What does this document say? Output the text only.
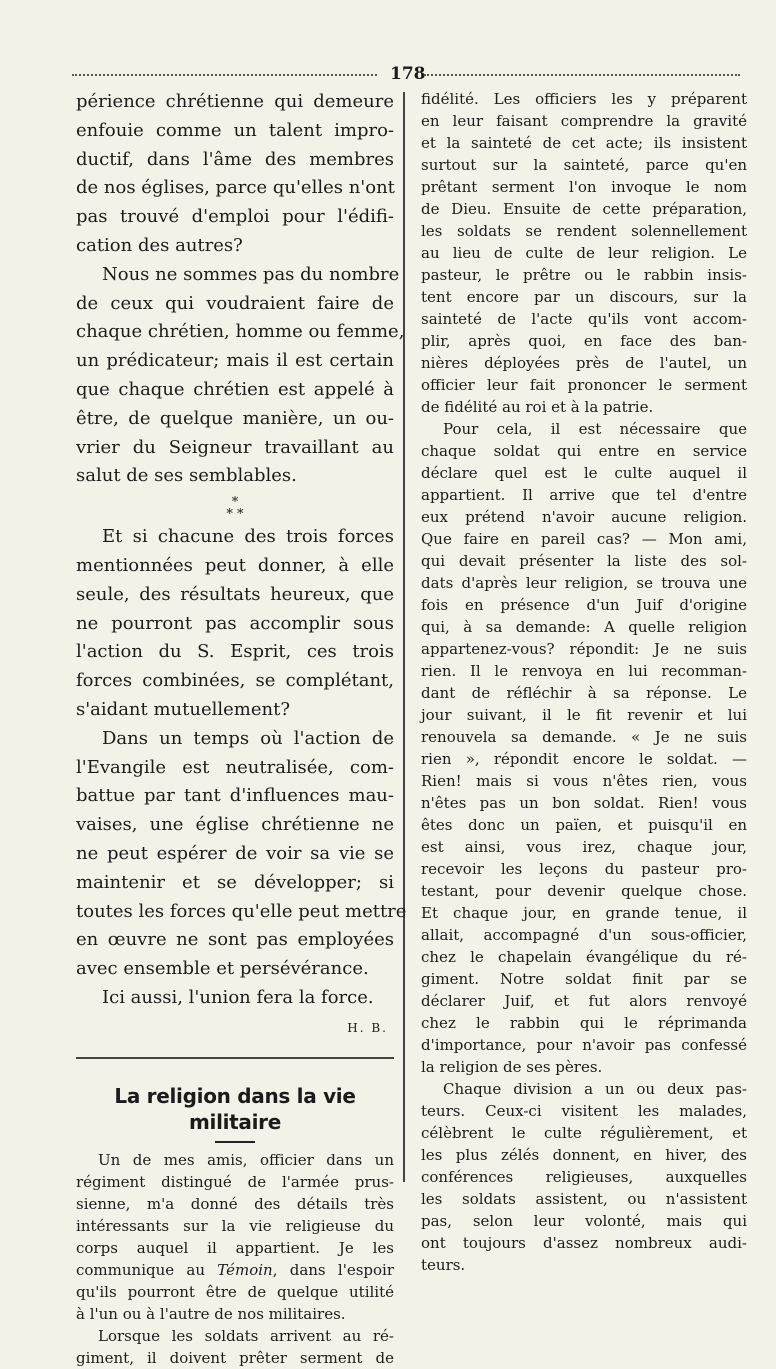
178
périence chrétienne qui demeure
enfouie comme un talent impro-
ductif, dans l'âme des membres
de nos églises, parce qu'elles n'ont
pas trouvé d'emploi pour l'édifi-
cation des autres?
Nous ne sommes pas du nombre
de ceux qui voudraient faire de
chaque chrétien, homme ou femme,
un prédicateur; mais il est certain
que chaque chrétien est appelé à
être, de quelque manière, un ou-
vrier du Seigneur travaillant au
salut de ses semblables.
*
* *
Et si chacune des trois forces
mentionnées peut donner, à elle
seule, des résultats heureux, que
ne pourront pas accomplir sous
l'action du S. Esprit, ces trois
forces combinées, se complétant,
s'aidant mutuellement?
Dans un temps où l'action de
l'Evangile est neutralisée, com-
battue par tant d'influences mau-
vaises, une église chrétienne ne
ne peut espérer de voir sa vie se
maintenir et se développer; si
toutes les forces qu'elle peut mettre
en œuvre ne sont pas employées
avec ensemble et persévérance.
Ici aussi, l'union fera la force.
H. B.
La religion dans la vie militaire
Un de mes amis, officier dans un
régiment distingué de l'armée prus-
sienne, m'a donné des détails très
intéressants sur la vie religieuse du
corps auquel il appartient. Je les
communique au Témoin, dans l'espoir
qu'ils pourront être de quelque utilité
à l'un ou à l'autre de nos militaires.
Lorsque les soldats arrivent au ré-
giment, il doivent prêter serment de
fidélité. Les officiers les y préparent
en leur faisant comprendre la gravité
et la sainteté de cet acte; ils insistent
surtout sur la sainteté, parce qu'en
prêtant serment l'on invoque le nom
de Dieu. Ensuite de cette préparation,
les soldats se rendent solennellement
au lieu de culte de leur religion. Le
pasteur, le prêtre ou le rabbin insis-
tent encore par un discours, sur la
sainteté de l'acte qu'ils vont accom-
plir, après quoi, en face des ban-
nières déployées près de l'autel, un
officier leur fait prononcer le serment
de fidélité au roi et à la patrie.
Pour cela, il est nécessaire que
chaque soldat qui entre en service
déclare quel est le culte auquel il
appartient. Il arrive que tel d'entre
eux prétend n'avoir aucune religion.
Que faire en pareil cas? — Mon ami,
qui devait présenter la liste des sol-
dats d'après leur religion, se trouva une
fois en présence d'un Juif d'origine
qui, à sa demande: A quelle religion
appartenez-vous? répondit: Je ne suis
rien. Il le renvoya en lui recomman-
dant de réfléchir à sa réponse. Le
jour suivant, il le fit revenir et lui
renouvela sa demande. « Je ne suis
rien », répondit encore le soldat. —
Rien! mais si vous n'êtes rien, vous
n'êtes pas un bon soldat. Rien! vous
êtes donc un païen, et puisqu'il en
est ainsi, vous irez, chaque jour,
recevoir les leçons du pasteur pro-
testant, pour devenir quelque chose.
Et chaque jour, en grande tenue, il
allait, accompagné d'un sous-officier,
chez le chapelain évangélique du ré-
giment. Notre soldat finit par se
déclarer Juif, et fut alors renvoyé
chez le rabbin qui le réprimanda
d'importance, pour n'avoir pas confessé
la religion de ses pères.
Chaque division a un ou deux pas-
teurs. Ceux-ci visitent les malades,
célèbrent le culte régulièrement, et
les plus zélés donnent, en hiver, des
conférences religieuses, auxquelles
les soldats assistent, ou n'assistent
pas, selon leur volonté, mais qui
ont toujours d'assez nombreux audi-
teurs.
